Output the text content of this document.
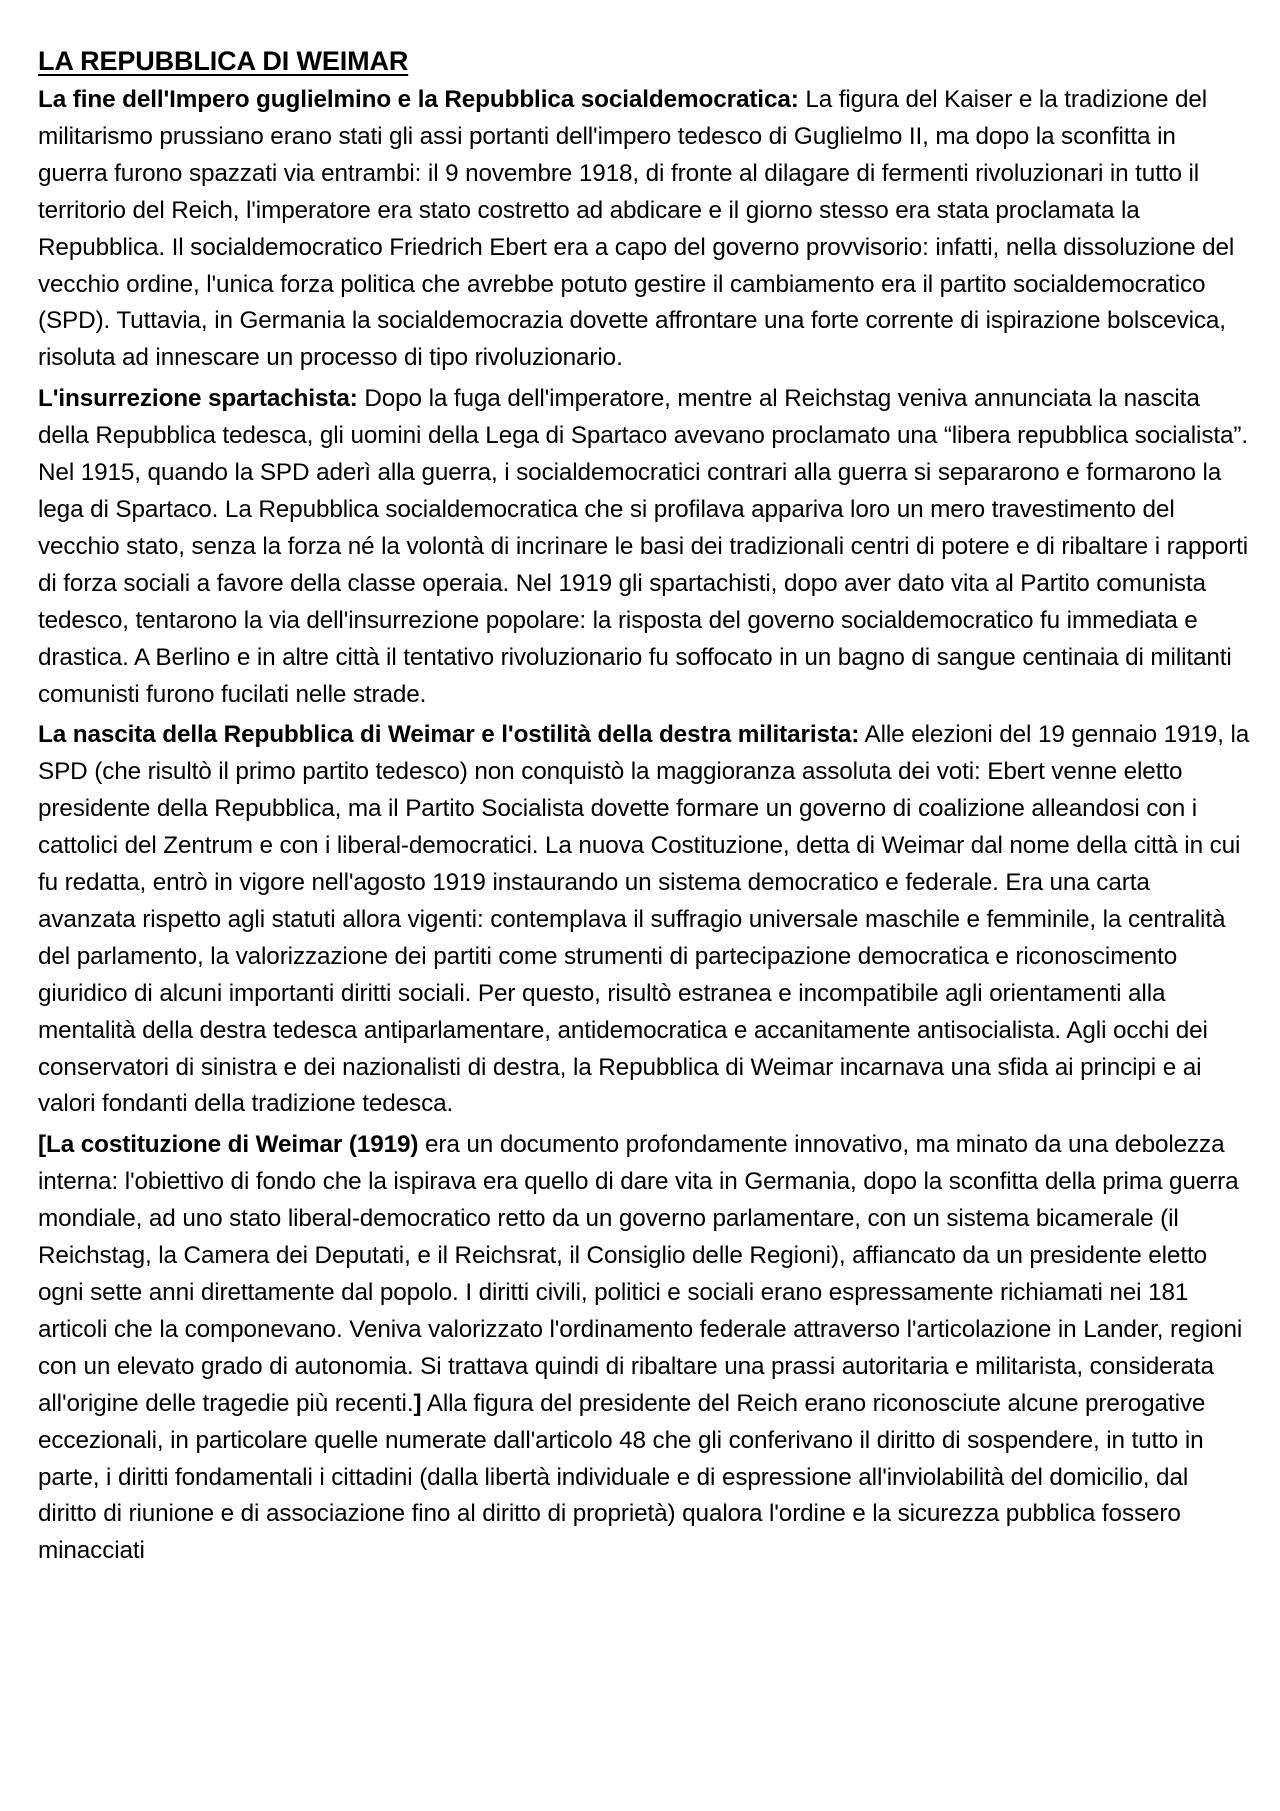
LA REPUBBLICA DI WEIMAR

La fine dell'Impero guglielmino e la Repubblica socialdemocratica: La figura del Kaiser e la tradizione del militarismo prussiano erano stati gli assi portanti dell'impero tedesco di Guglielmo II, ma dopo la sconfitta in guerra furono spazzati via entrambi: il 9 novembre 1918, di fronte al dilagare di fermenti rivoluzionari in tutto il territorio del Reich, l'imperatore era stato costretto ad abdicare e il giorno stesso era stata proclamata la Repubblica. Il socialdemocratico Friedrich Ebert era a capo del governo provvisorio: infatti, nella dissoluzione del vecchio ordine, l'unica forza politica che avrebbe potuto gestire il cambiamento era il partito socialdemocratico (SPD). Tuttavia, in Germania la socialdemocrazia dovette affrontare una forte corrente di ispirazione bolscevica, risoluta ad innescare un processo di tipo rivoluzionario.

L'insurrezione spartachista: Dopo la fuga dell'imperatore, mentre al Reichstag veniva annunciata la nascita della Repubblica tedesca, gli uomini della Lega di Spartaco avevano proclamato una “libera repubblica socialista”. Nel 1915, quando la SPD aderì alla guerra, i socialdemocratici contrari alla guerra si separarono e formarono la lega di Spartaco. La Repubblica socialdemocratica che si profilava appariva loro un mero travestimento del vecchio stato, senza la forza né la volontà di incrinare le basi dei tradizionali centri di potere e di ribaltare i rapporti di forza sociali a favore della classe operaia. Nel 1919 gli spartachisti, dopo aver dato vita al Partito comunista tedesco, tentarono la via dell'insurrezione popolare: la risposta del governo socialdemocratico fu immediata e drastica. A Berlino e in altre città il tentativo rivoluzionario fu soffocato in un bagno di sangue centinaia di militanti comunisti furono fucilati nelle strade.

La nascita della Repubblica di Weimar e l'ostilità della destra militarista: Alle elezioni del 19 gennaio 1919, la SPD (che risultò il primo partito tedesco) non conquistò la maggioranza assoluta dei voti: Ebert venne eletto presidente della Repubblica, ma il Partito Socialista dovette formare un governo di coalizione alleandosi con i cattolici del Zentrum e con i liberal-democratici. La nuova Costituzione, detta di Weimar dal nome della città in cui fu redatta, entrò in vigore nell'agosto 1919 instaurando un sistema democratico e federale. Era una carta avanzata rispetto agli statuti allora vigenti: contemplava il suffragio universale maschile e femminile, la centralità del parlamento, la valorizzazione dei partiti come strumenti di partecipazione democratica e riconoscimento giuridico di alcuni importanti diritti sociali. Per questo, risultò estranea e incompatibile agli orientamenti alla mentalità della destra tedesca antiparlamentare, antidemocratica e accanitamente antisocialista. Agli occhi dei conservatori di sinistra e dei nazionalisti di destra, la Repubblica di Weimar incarnava una sfida ai principi e ai valori fondanti della tradizione tedesca.

[La costituzione di Weimar (1919) era un documento profondamente innovativo, ma minato da una debolezza interna: l'obiettivo di fondo che la ispirava era quello di dare vita in Germania, dopo la sconfitta della prima guerra mondiale, ad uno stato liberal-democratico retto da un governo parlamentare, con un sistema bicamerale (il Reichstag, la Camera dei Deputati, e il Reichsrat, il Consiglio delle Regioni), affiancato da un presidente eletto ogni sette anni direttamente dal popolo. I diritti civili, politici e sociali erano espressamente richiamati nei 181 articoli che la componevano. Veniva valorizzato l'ordinamento federale attraverso l'articolazione in Lander, regioni con un elevato grado di autonomia. Si trattava quindi di ribaltare una prassi autoritaria e militarista, considerata all'origine delle tragedie più recenti.] Alla figura del presidente del Reich erano riconosciute alcune prerogative eccezionali, in particolare quelle numerate dall'articolo 48 che gli conferivano il diritto di sospendere, in tutto in parte, i diritti fondamentali i cittadini (dalla libertà individuale e di espressione all'inviolabilità del domicilio, dal diritto di riunione e di associazione fino al diritto di proprietà) qualora l'ordine e la sicurezza pubblica fossero minacciati
